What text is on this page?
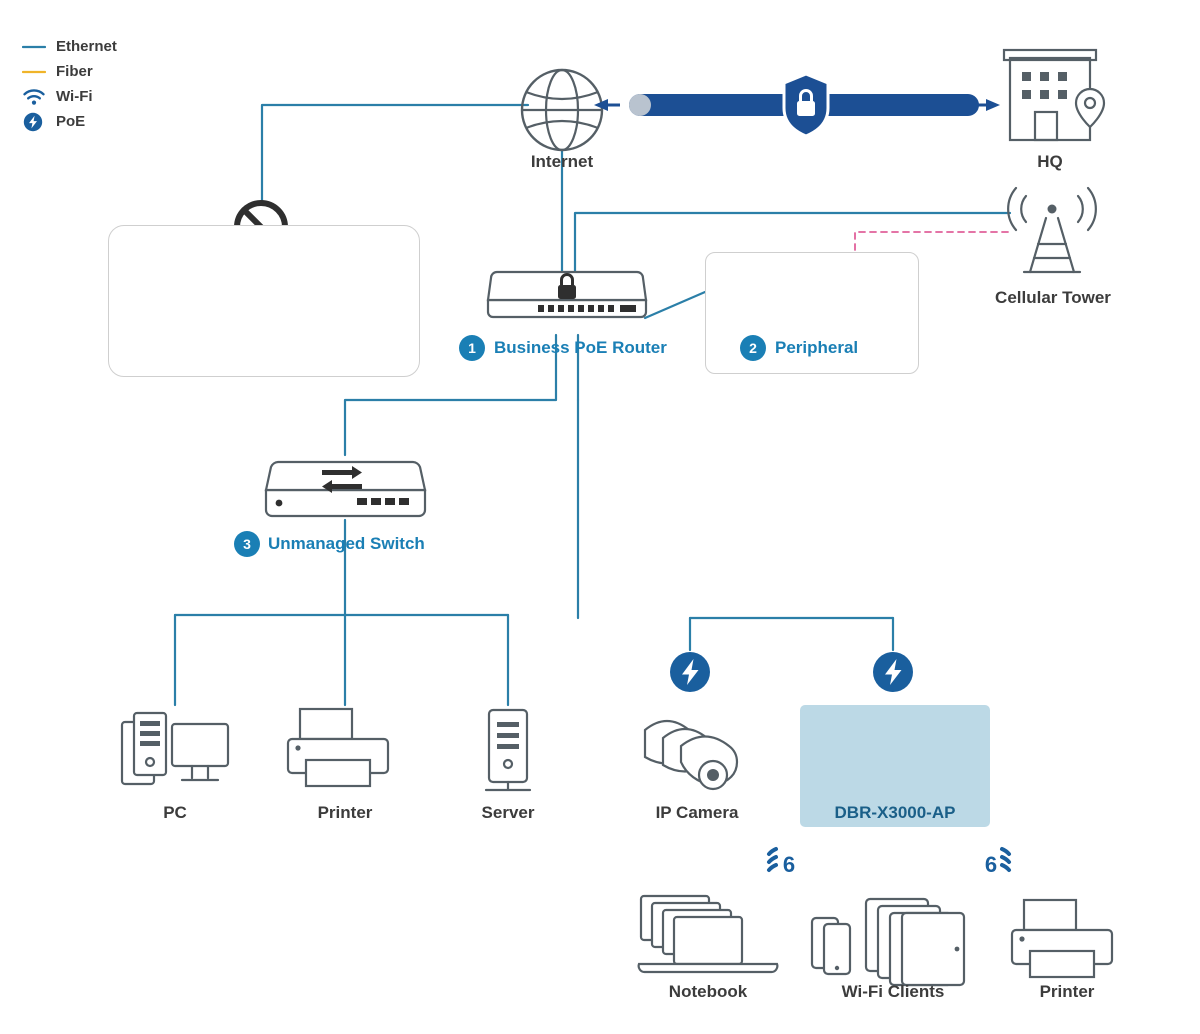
Ethernet
Fiber
Wi-Fi
PoE
6	6
Internet	HQ
Cellular Tower
1	Business PoE Router	2	Peripheral
3	Unmanaged Switch
PC	Printer	Server	IP Camera	DBR-X3000-AP
Notebook	Wi-Fi Clients	Printer
